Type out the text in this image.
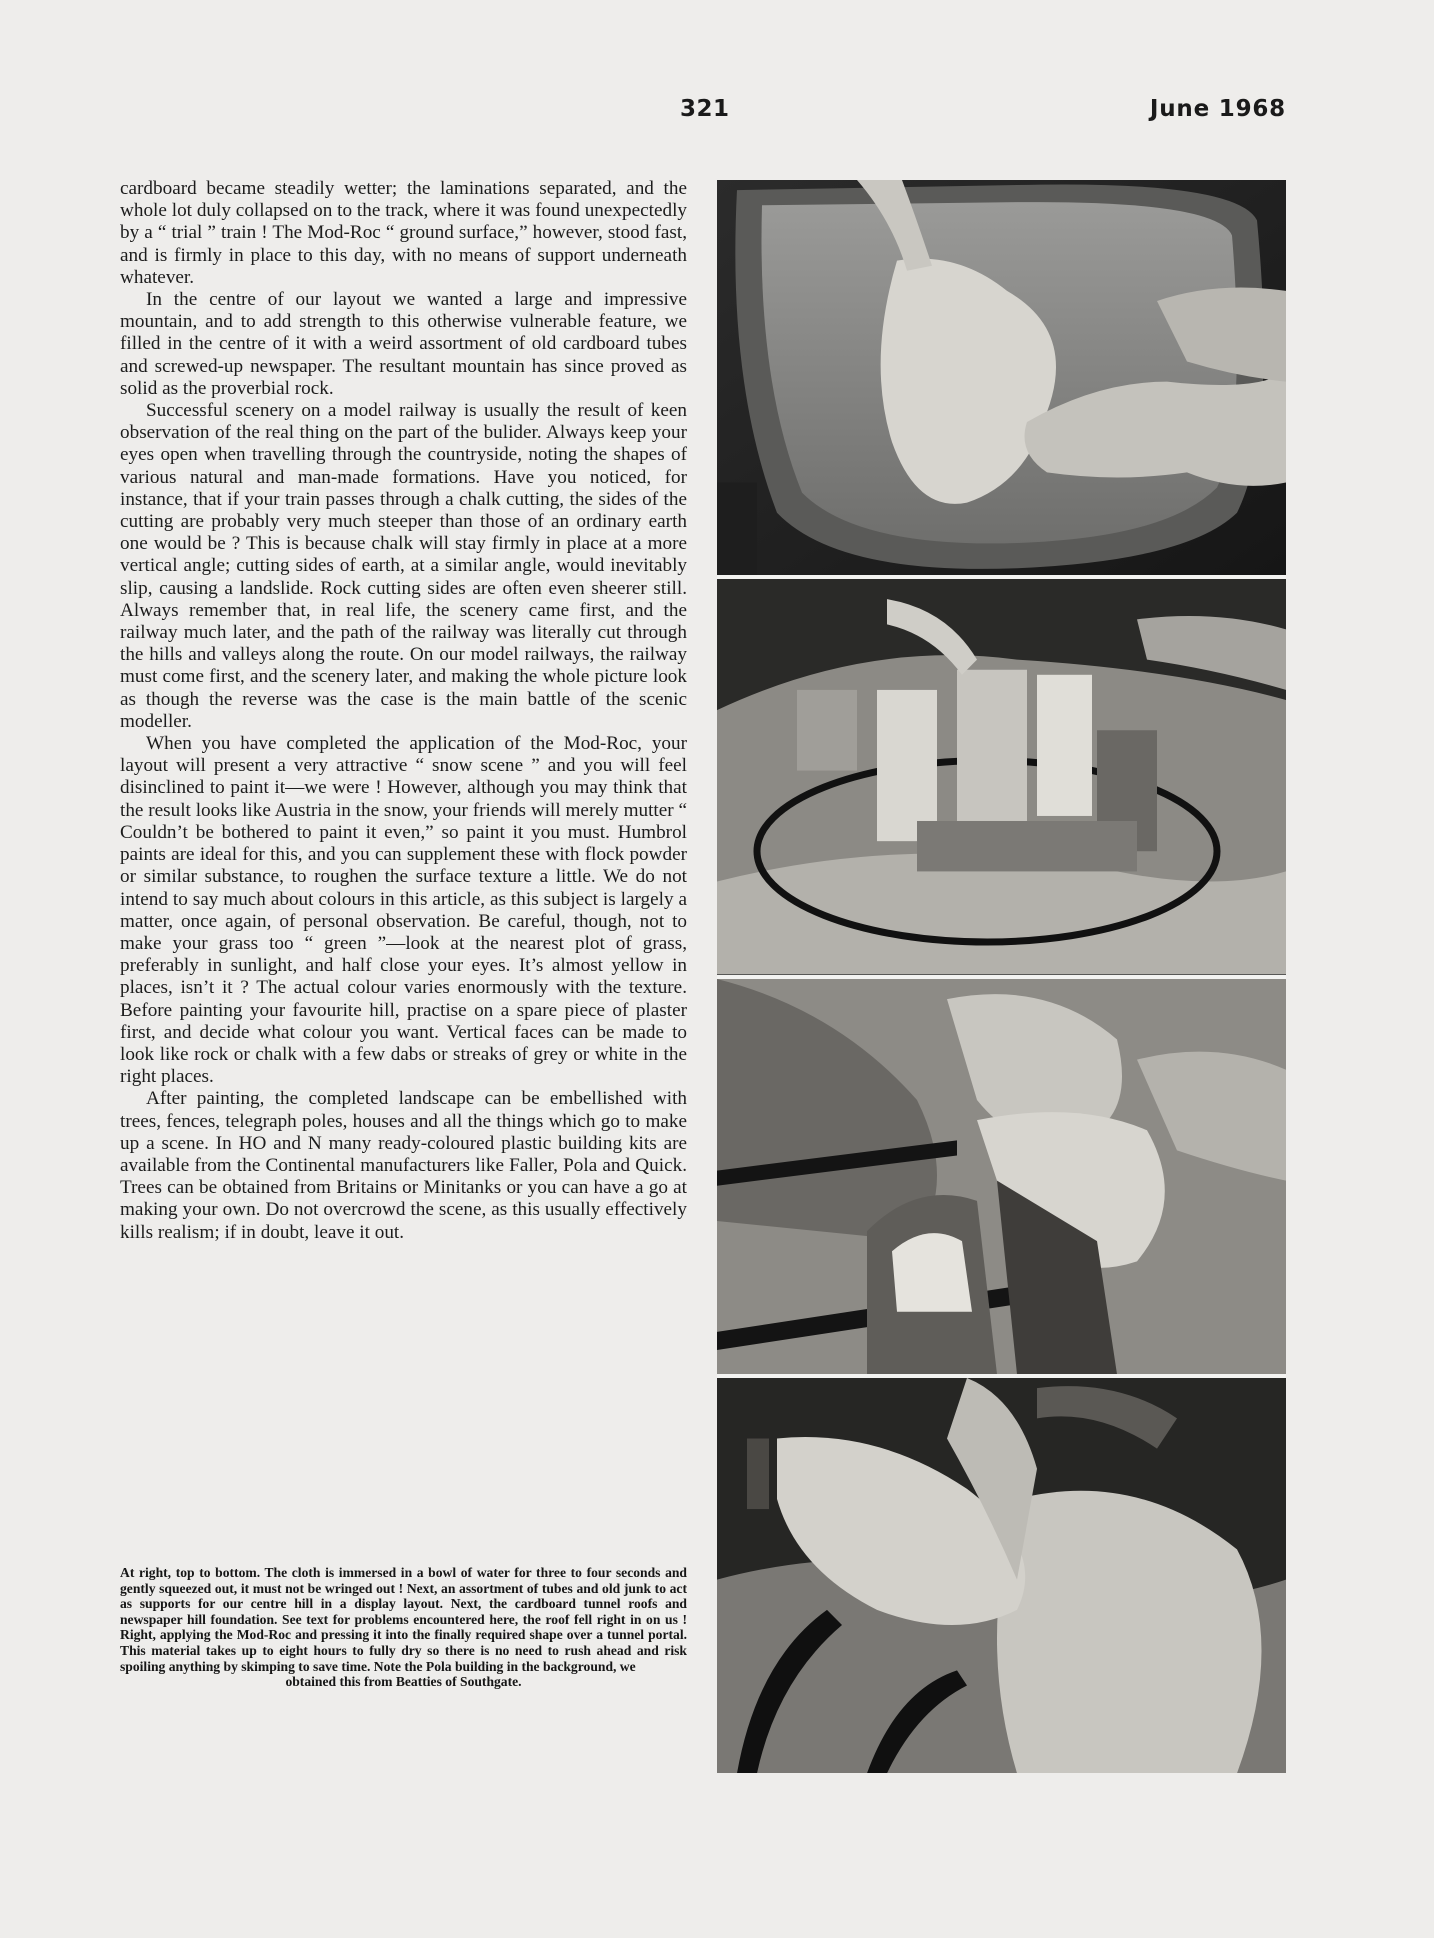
321	June 1968

cardboard became steadily wetter; the laminations separated, and the whole lot duly collapsed on to the track, where it was found unexpectedly by a “ trial ” train ! The Mod-Roc “ ground surface,” however, stood fast, and is firmly in place to this day, with no means of support underneath whatever.

In the centre of our layout we wanted a large and impressive mountain, and to add strength to this otherwise vulnerable feature, we filled in the centre of it with a weird assortment of old cardboard tubes and screwed-up newspaper. The resultant mountain has since proved as solid as the proverbial rock.

Successful scenery on a model railway is usually the result of keen observation of the real thing on the part of the bulider. Always keep your eyes open when travelling through the countryside, noting the shapes of various natural and man-made formations. Have you noticed, for instance, that if your train passes through a chalk cutting, the sides of the cutting are probably very much steeper than those of an ordinary earth one would be ? This is because chalk will stay firmly in place at a more vertical angle; cutting sides of earth, at a similar angle, would inevitably slip, causing a landslide. Rock cutting sides are often even sheerer still. Always remember that, in real life, the scenery came first, and the railway much later, and the path of the railway was literally cut through the hills and valleys along the route. On our model railways, the railway must come first, and the scenery later, and making the whole picture look as though the reverse was the case is the main battle of the scenic modeller.

When you have completed the application of the Mod-Roc, your layout will present a very attractive “ snow scene ” and you will feel disinclined to paint it—we were ! However, although you may think that the result looks like Austria in the snow, your friends will merely mutter “ Couldn’t be bothered to paint it even,” so paint it you must. Humbrol paints are ideal for this, and you can supplement these with flock powder or similar substance, to roughen the surface texture a little. We do not intend to say much about colours in this article, as this subject is largely a matter, once again, of personal observation. Be careful, though, not to make your grass too “ green ”—look at the nearest plot of grass, preferably in sunlight, and half close your eyes. It’s almost yellow in places, isn’t it ? The actual colour varies enormously with the texture. Before painting your favourite hill, practise on a spare piece of plaster first, and decide what colour you want. Vertical faces can be made to look like rock or chalk with a few dabs or streaks of grey or white in the right places.

After painting, the completed landscape can be embellished with trees, fences, telegraph poles, houses and all the things which go to make up a scene. In HO and N many ready-coloured plastic building kits are available from the Continental manufacturers like Faller, Pola and Quick. Trees can be obtained from Britains or Minitanks or you can have a go at making your own. Do not overcrowd the scene, as this usually effectively kills realism; if in doubt, leave it out.

At right, top to bottom. The cloth is immersed in a bowl of water for three to four seconds and gently squeezed out, it must not be wringed out ! Next, an assortment of tubes and old junk to act as supports for our centre hill in a display layout. Next, the cardboard tunnel roofs and newspaper hill foundation. See text for problems encountered here, the roof fell right in on us ! Right, applying the Mod-Roc and pressing it into the finally required shape over a tunnel portal. This material takes up to eight hours to fully dry so there is no need to rush ahead and risk spoiling anything by skimping to save time. Note the Pola building in the background, we
obtained this from Beatties of Southgate.
